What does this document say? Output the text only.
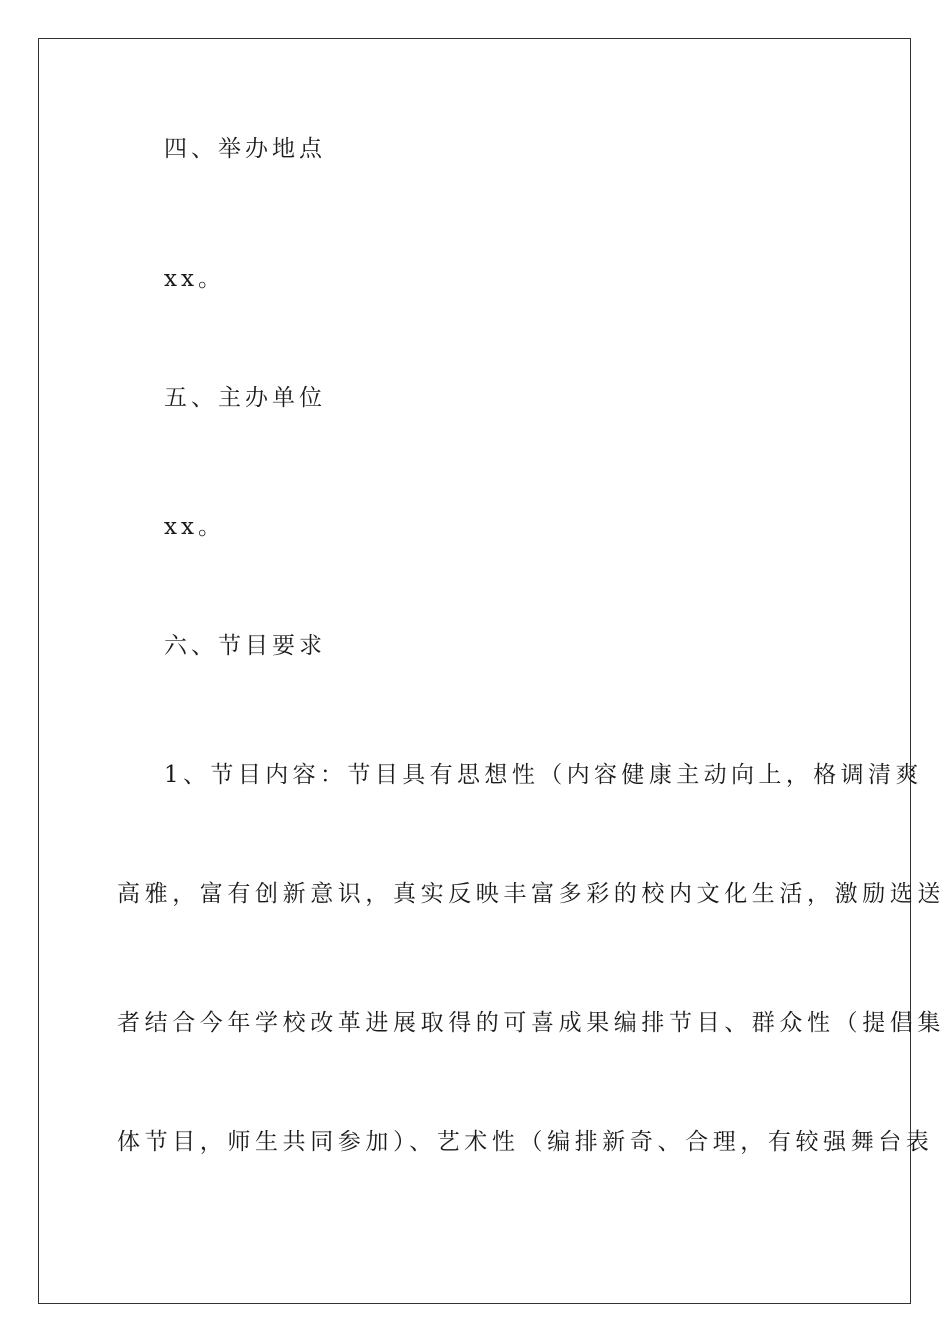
四、举办地点
xx。
五、主办单位
xx。
六、节目要求
1、节目内容：节目具有思想性（内容健康主动向上，格调清爽
高雅，富有创新意识，真实反映丰富多彩的校内文化生活，激励选送
者结合今年学校改革进展取得的可喜成果编排节目、群众性（提倡集
体节目，师生共同参加）、艺术性（编排新奇、合理，有较强舞台表
